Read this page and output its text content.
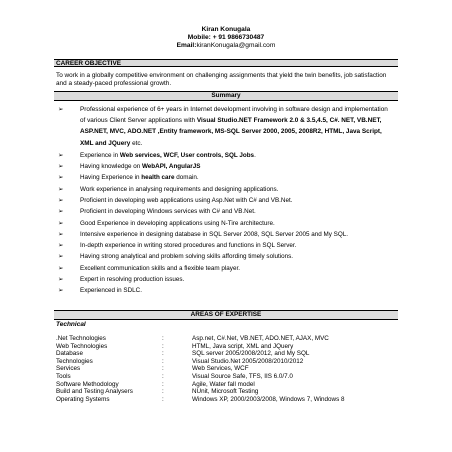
Kiran Konugala
Mobile: + 91 9866730487
Email:kiranKonugala@gmail.com
CAREER OBJECTIVE
To work in a globally competitive environment on challenging assignments that yield the twin benefits, job satisfaction and a steady-paced professional growth.
Summary
➢	Professional experience of 6+ years in Internet development involving in software design and implementation of various Client Server applications with Visual Studio.NET Framework 2.0 & 3.5,4.5, C#. NET, VB.NET, ASP.NET, MVC, ADO.NET ,Entity framework, MS-SQL Server 2000, 2005, 2008R2, HTML, Java Script, XML and JQuery etc.
➢	Experience in Web services, WCF, User controls, SQL Jobs.
➢	Having knowledge on WebAPI, AngularJS
➢	Having Experience in health care domain.
➢	Work experience in analysing requirements and designing applications.
➢	Proficient in developing web applications using Asp.Net with C# and VB.Net.
➢	Proficient in developing Windows services with C# and VB.Net.
➢	Good Experience in developing applications using N-Tire architecture.
➢	Intensive experience in designing database in SQL Server 2008, SQL Server 2005 and My SQL.
➢	In-depth experience in writing stored procedures and functions in SQL Server.
➢	Having strong analytical and problem solving skills affording timely solutions.
➢	Excellent communication skills and a flexible team player.
➢	Expert in resolving production issues.
➢	Experienced in SDLC.
AREAS OF EXPERTISE
Technical
.Net Technologies	:	Asp.net, C#.Net, VB.NET, ADO.NET, AJAX, MVC
Web Technologies	:	HTML, Java script, XML and JQuery
Database	:	SQL server 2005/2008/2012, and My SQL
Technologies	:	Visual Studio.Net 2005/2008/2010/2012
Services	:	Web Services, WCF
Tools	:	Visual Source Safe, TFS, IIS 6.0/7.0
Software Methodology	:	Agile, Water fall model
Build and Testing Analysers	:	NUnit, Microsoft Testing
Operating Systems	:	Windows XP, 2000/2003/2008, Windows 7, Windows 8
